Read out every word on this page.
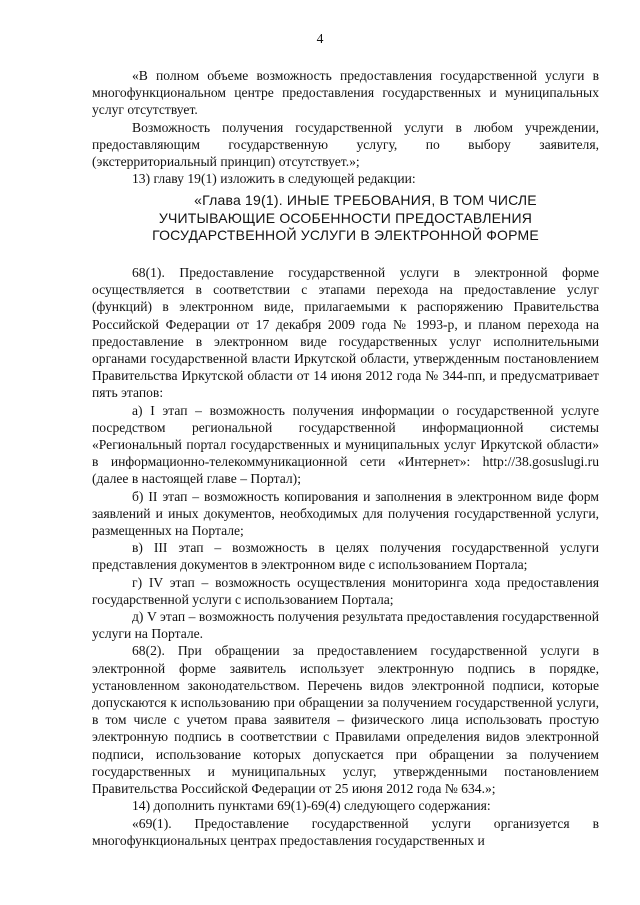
4

«В полном объеме возможность предоставления государственной услуги в многофункциональном центре предоставления государственных и муниципальных услуг отсутствует.

Возможность получения государственной услуги в любом учреждении, предоставляющим государственную услугу, по выбору заявителя, (экстерриториальный принцип) отсутствует.»;

13) главу 19(1) изложить в следующей редакции:

«Глава 19(1). ИНЫЕ ТРЕБОВАНИЯ, В ТОМ ЧИСЛЕ
УЧИТЫВАЮЩИЕ ОСОБЕННОСТИ ПРЕДОСТАВЛЕНИЯ
ГОСУДАРСТВЕННОЙ УСЛУГИ В ЭЛЕКТРОННОЙ ФОРМЕ

68(1). Предоставление государственной услуги в электронной форме осуществляется в соответствии с этапами перехода на предоставление услуг (функций) в электронном виде, прилагаемыми к распоряжению Правительства Российской Федерации от 17 декабря 2009 года № 1993-р, и планом перехода на предоставление в электронном виде государственных услуг исполнительными органами государственной власти Иркутской области, утвержденным постановлением Правительства Иркутской области от 14 июня 2012 года № 344-пп, и предусматривает пять этапов:

а) I этап – возможность получения информации о государственной услуге посредством региональной государственной информационной системы «Региональный портал государственных и муниципальных услуг Иркутской области» в информационно-телекоммуникационной сети «Интернет»: http://38.gosuslugi.ru (далее в настоящей главе – Портал);

б) II этап – возможность копирования и заполнения в электронном виде форм заявлений и иных документов, необходимых для получения государственной услуги, размещенных на Портале;

в) III этап – возможность в целях получения государственной услуги представления документов в электронном виде с использованием Портала;

г) IV этап – возможность осуществления мониторинга хода предоставления государственной услуги с использованием Портала;

д) V этап – возможность получения результата предоставления государственной услуги на Портале.

68(2). При обращении за предоставлением государственной услуги в электронной форме заявитель использует электронную подпись в порядке, установленном законодательством. Перечень видов электронной подписи, которые допускаются к использованию при обращении за получением государственной услуги, в том числе с учетом права заявителя – физического лица использовать простую электронную подпись в соответствии с Правилами определения видов электронной подписи, использование которых допускается при обращении за получением государственных и муниципальных услуг, утвержденными постановлением Правительства Российской Федерации от 25 июня 2012 года № 634.»;

14) дополнить пунктами 69(1)-69(4) следующего содержания:

«69(1). Предоставление государственной услуги организуется в многофункциональных центрах предоставления государственных и
